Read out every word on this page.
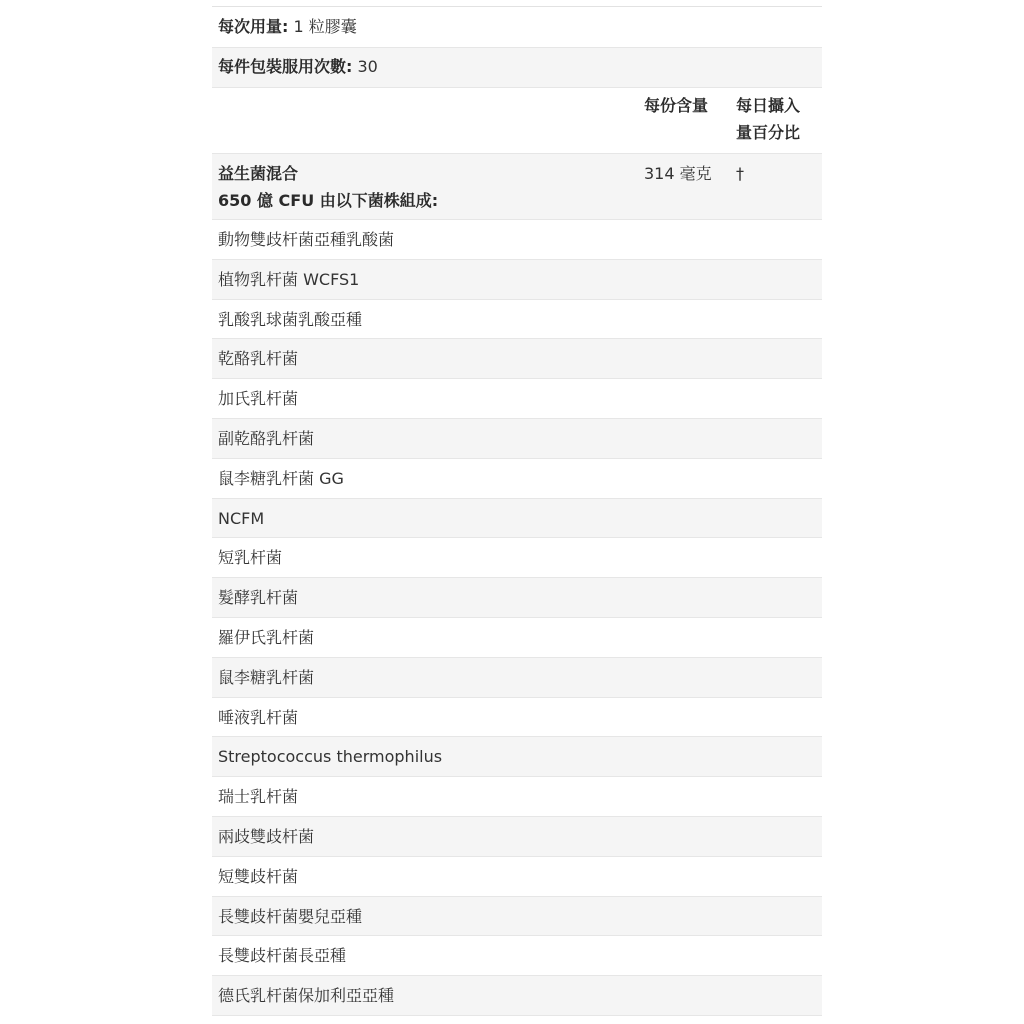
每次用量: 1 粒膠囊
每件包裝服用次數: 30
每份含量 每日攝入
量百分比
益生菌混合
650 億 CFU 由以下菌株組成:
314 毫克 †
動物雙歧杆菌亞種乳酸菌
植物乳杆菌 WCFS1
乳酸乳球菌乳酸亞種
乾酪乳杆菌
加氏乳杆菌
副乾酪乳杆菌
鼠李糖乳杆菌 GG
NCFM
短乳杆菌
髮酵乳杆菌
羅伊氏乳杆菌
鼠李糖乳杆菌
唾液乳杆菌
Streptococcus thermophilus
瑞士乳杆菌
兩歧雙歧杆菌
短雙歧杆菌
長雙歧杆菌嬰兒亞種
長雙歧杆菌長亞種
德氏乳杆菌保加利亞亞種
